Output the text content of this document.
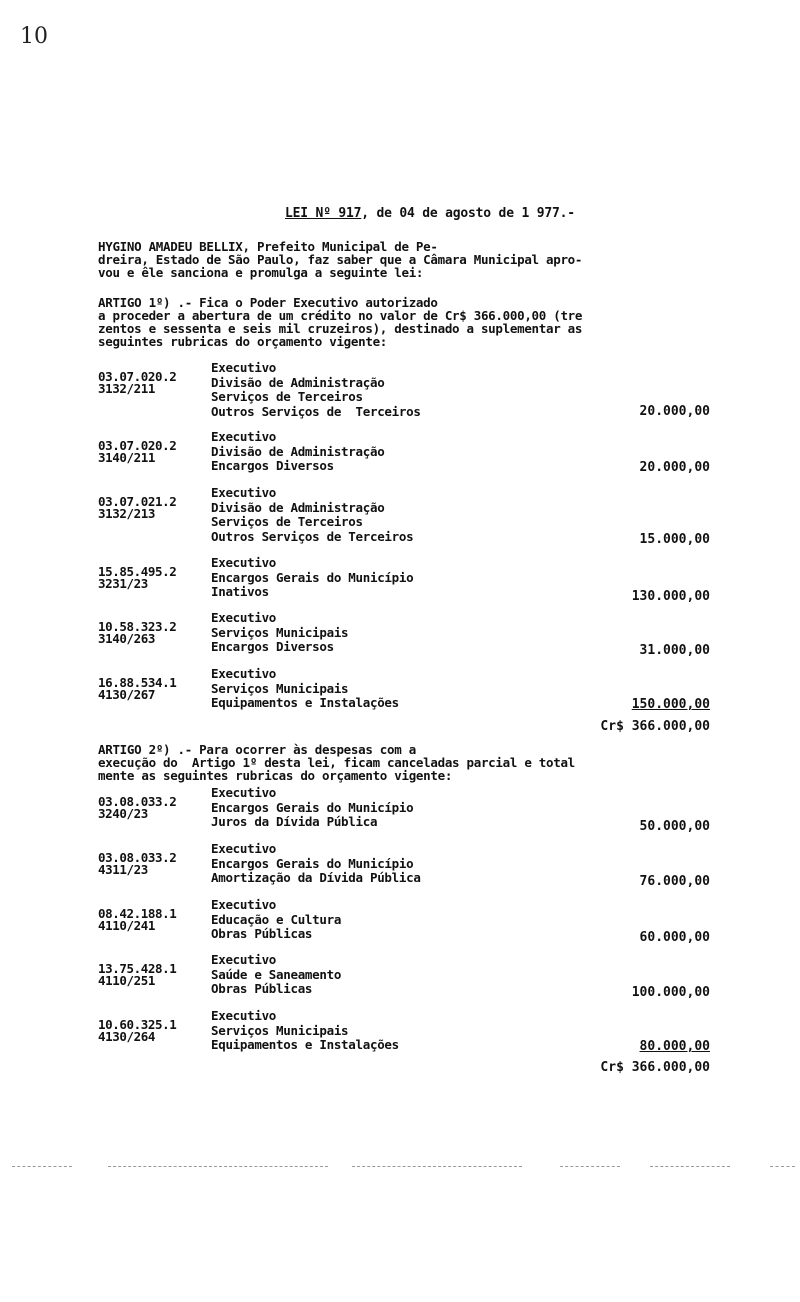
10
LEI Nº 917, de 04 de agosto de 1 977.-
HYGINO AMADEU BELLIX, Prefeito Municipal de Pe-
dreira, Estado de São Paulo, faz saber que a Câmara Municipal apro-
vou e êle sanciona e promulga a seguinte lei:
ARTIGO 1º) .- Fica o Poder Executivo autorizado
a proceder a abertura de um crédito no valor de Cr$ 366.000,00 (tre
zentos e sessenta e seis mil cruzeiros), destinado a suplementar as
seguintes rubricas do orçamento vigente:
03.07.020.2
3132/211
Executivo
Divisão de Administração
Serviços de Terceiros
Outros Serviços de  Terceiros	20.000,00
03.07.020.2
3140/211
Executivo
Divisão de Administração
Encargos Diversos	20.000,00
03.07.021.2
3132/213
Executivo
Divisão de Administração
Serviços de Terceiros
Outros Serviços de Terceiros	15.000,00
15.85.495.2
3231/23
Executivo
Encargos Gerais do Município
Inativos	130.000,00
10.58.323.2
3140/263
Executivo
Serviços Municipais
Encargos Diversos	31.000,00
16.88.534.1
4130/267
Executivo
Serviços Municipais
Equipamentos e Instalações	150.000,00
Cr$ 366.000,00
ARTIGO 2º) .- Para ocorrer às despesas com a
execução do  Artigo 1º desta lei, ficam canceladas parcial e total
mente as seguintes rubricas do orçamento vigente:
03.08.033.2
3240/23
Executivo
Encargos Gerais do Município
Juros da Dívida Pública	50.000,00
03.08.033.2
4311/23
Executivo
Encargos Gerais do Município
Amortização da Dívida Pública	76.000,00
08.42.188.1
4110/241
Executivo
Educação e Cultura
Obras Públicas	60.000,00
13.75.428.1
4110/251
Executivo
Saúde e Saneamento
Obras Públicas	100.000,00
10.60.325.1
4130/264
Executivo
Serviços Municipais
Equipamentos e Instalações	80.000,00
Cr$ 366.000,00
